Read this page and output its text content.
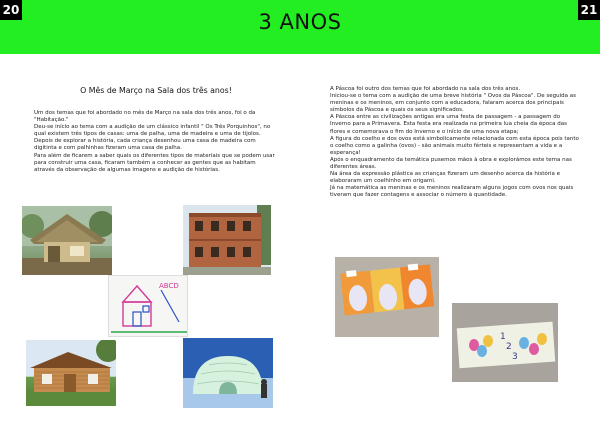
20	21
3 ANOS
O Mês de Março na Sala dos três anos!

Um dos temas que foi abordado no mês de Março na sala dos três anos, foi o da "Habitação."

Deu-se início ao tema com a audição de um clássico infantil " Os Três Porquinhos", no qual existem três tipos de casas: uma de palha, uma de madeira e uma de tijolos.

Depois de explorar a história, cada criança desenhou uma casa de madeira com digitinta e com palhinhas fizeram uma casa de palha.

Para além de ficarem a saber quais os diferentes tipos de materiais que se podem usar para construir uma casa, ficaram também a conhecer as gentes que as habitam através da observação de algumas imagens e audição de histórias.

A Páscoa foi outro dos temas que foi abordado na sala dos três anos.

Iniciou-se o tema com a audição de uma breve história " Ovos da Páscoa". De seguida as meninas e os meninos, em conjunto com a educadora, falaram acerca dos principais símbolos da Páscoa e quais os seus significados.

A Páscoa entre as civilizações antigas era uma festa de passagem - a passagem do Inverno para a Primavera. Esta festa era realizada na primeira lua cheia da época das flores e comemorava o fim do Inverno e o início de uma nova etapa;

A figura do coelho e dos ovos está simbolicamente relacionada com esta época pois tanto o coelho como a galinha (ovos) - são animais muito férteis e representam a vida e a esperança!

Após o enquadramento da temática pusemos mãos à obra e explorámos este tema nas diferentes áreas.

Na área da expressão plástica as crianças fizeram um desenho acerca da história e elaboraram um coelhinho em origami.

Já na matemática as meninas e os meninos realizaram alguns jogos com ovos nos quais tiveram que fazer contagens e associar o número à quantidade.

ABCD
1
2
3
